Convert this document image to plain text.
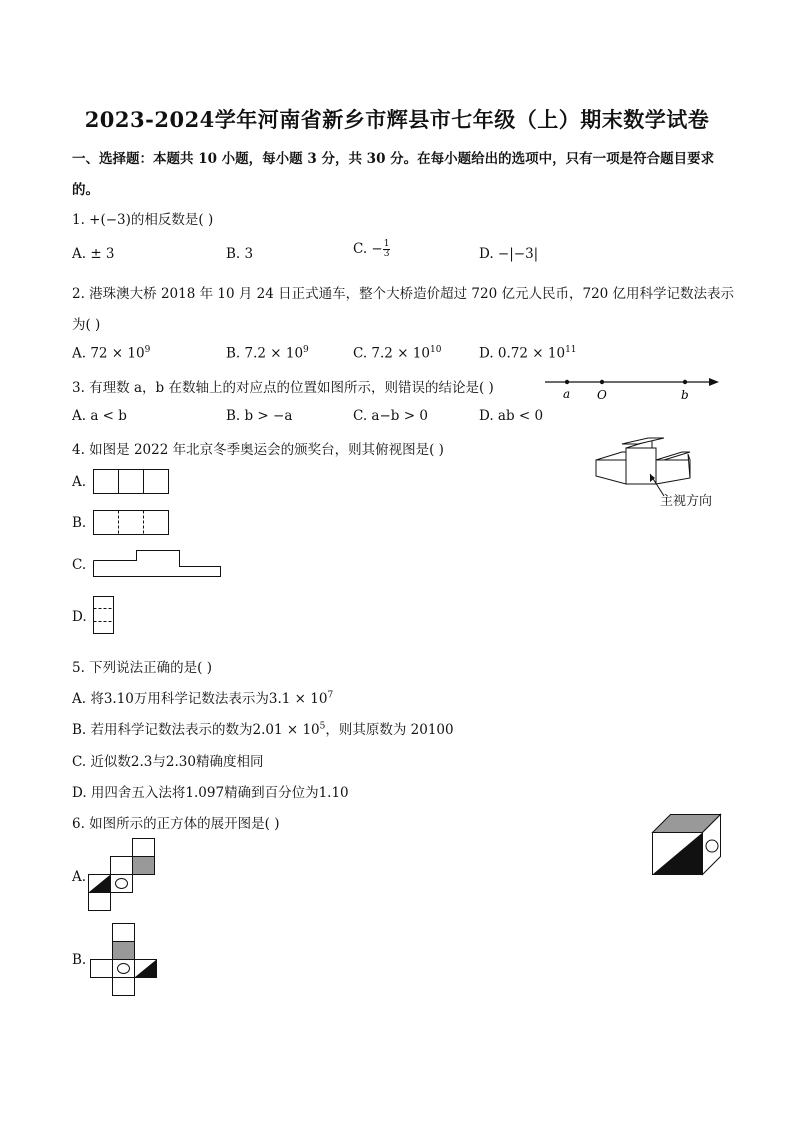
2023-2024学年河南省新乡市辉县市七年级（上）期末数学试卷
一、选择题：本题共 10 小题，每小题 3 分，共 30 分。在每小题给出的选项中，只有一项是符合题目要求
的。
1. +(−3)的相反数是( )
A. ± 3	B. 3	C. − $\frac{1}{3}$	D. −|−3|
2. 港珠澳大桥 2018 年 10 月 24 日正式通车，整个大桥造价超过 720 亿元人民币，720 亿用科学记数法表示
为( )
A. $72 \times 10^9$	B. $7.2 \times 10^9$	C. $7.2 \times 10^{10}$	D. $0.72 \times 10^{11}$
3. 有理数 a，b 在数轴上的对应点的位置如图所示，则错误的结论是( )	a O	b
A. a < b	B. b > −a	C. a−b > 0	D. ab < 0
4. 如图是 2022 年北京冬季奥运会的颁奖台，则其俯视图是( )
主视方向
A.
B.
C.
D.
5. 下列说法正确的是( )
A. 将3.10万用科学记数法表示为$3.1 \times 10^7$
B. 若用科学记数法表示的数为$2.01 \times 10^5$，则其原数为 20100
C. 近似数2.3与2.30精确度相同
D. 用四舍五入法将1.097精确到百分位为1.10
6. 如图所示的正方体的展开图是( )
A.
B.
